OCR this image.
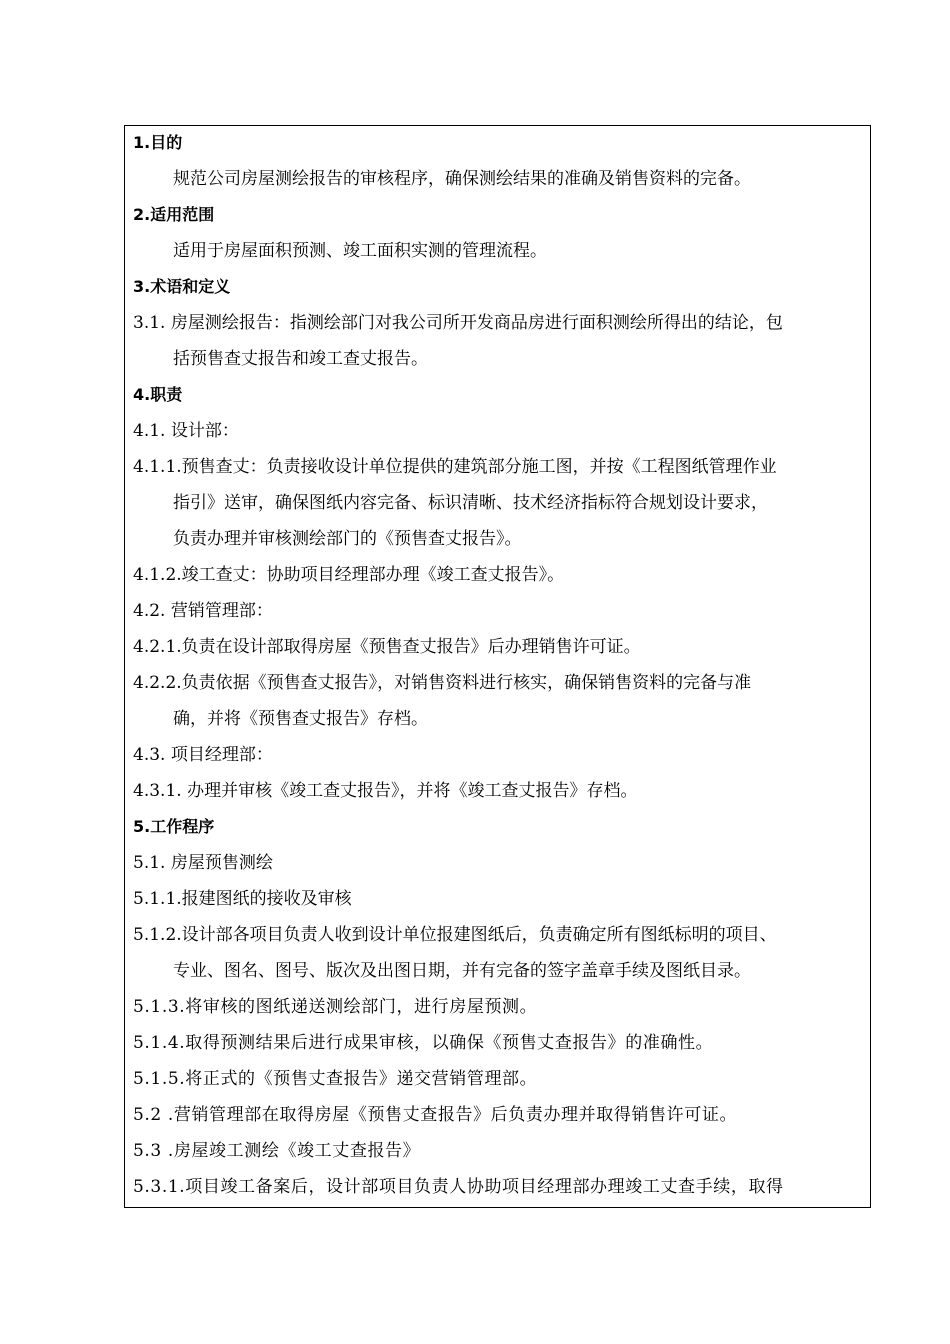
1.目的
规范公司房屋测绘报告的审核程序，确保测绘结果的准确及销售资料的完备。
2.适用范围
适用于房屋面积预测、竣工面积实测的管理流程。
3.术语和定义
3.1. 房屋测绘报告：指测绘部门对我公司所开发商品房进行面积测绘所得出的结论，包
括预售查丈报告和竣工查丈报告。
4.职责
4.1. 设计部：
4.1.1.预售查丈：负责接收设计单位提供的建筑部分施工图，并按《工程图纸管理作业
指引》送审，确保图纸内容完备、标识清晰、技术经济指标符合规划设计要求，
负责办理并审核测绘部门的《预售查丈报告》。
4.1.2.竣工查丈：协助项目经理部办理《竣工查丈报告》。
4.2. 营销管理部：
4.2.1.负责在设计部取得房屋《预售查丈报告》后办理销售许可证。
4.2.2.负责依据《预售查丈报告》，对销售资料进行核实，确保销售资料的完备与准
确，并将《预售查丈报告》存档。
4.3. 项目经理部：
4.3.1. 办理并审核《竣工查丈报告》，并将《竣工查丈报告》存档。
5.工作程序
5.1. 房屋预售测绘
5.1.1.报建图纸的接收及审核
5.1.2.设计部各项目负责人收到设计单位报建图纸后，负责确定所有图纸标明的项目、
专业、图名、图号、版次及出图日期，并有完备的签字盖章手续及图纸目录。
5.1.3.将审核的图纸递送测绘部门，进行房屋预测。
5.1.4.取得预测结果后进行成果审核，以确保《预售丈查报告》的准确性。
5.1.5.将正式的《预售丈查报告》递交营销管理部。
5.2 .营销管理部在取得房屋《预售丈查报告》后负责办理并取得销售许可证。
5.3 .房屋竣工测绘《竣工丈查报告》
5.3.1.项目竣工备案后，设计部项目负责人协助项目经理部办理竣工丈查手续，取得
